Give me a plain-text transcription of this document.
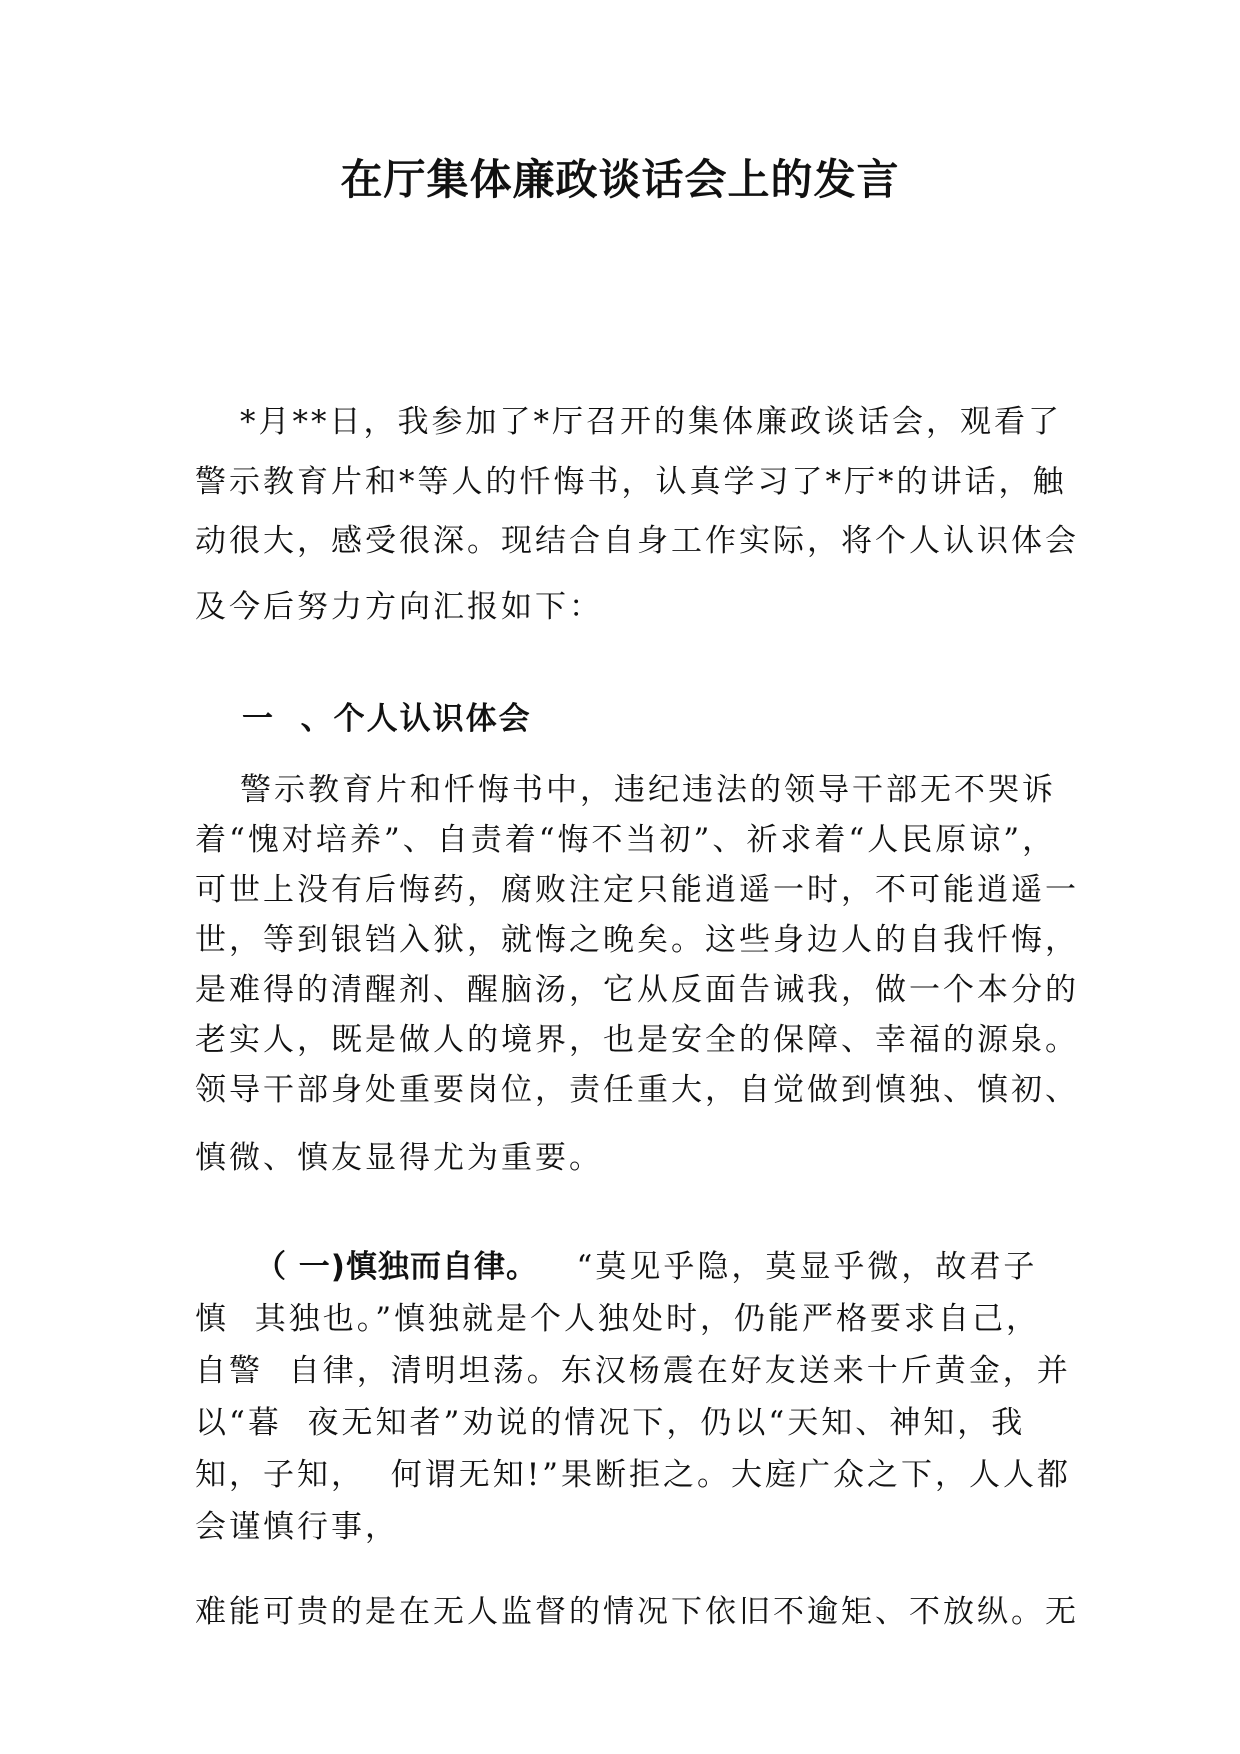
在厅集体廉政谈话会上的发言

*月**日，我参加了*厅召开的集体廉政谈话会，观看了

警示教育片和*等人的忏悔书，认真学习了*厅*的讲话，触

动很大，感受很深。现结合自身工作实际，将个人认识体会

及今后努力方向汇报如下：

一  、个人认识体会

警示教育片和忏悔书中，违纪违法的领导干部无不哭诉

着“愧对培养”、自责着“悔不当初”、祈求着“人民原谅”，

可世上没有后悔药，腐败注定只能逍遥一时，不可能逍遥一

世，等到银铛入狱，就悔之晚矣。这些身边人的自我忏悔，

是难得的清醒剂、醒脑汤，它从反面告诫我，做一个本分的

老实人，既是做人的境界，也是安全的保障、幸福的源泉。

领导干部身处重要岗位，责任重大，自觉做到慎独、慎初、

慎微、慎友显得尤为重要。

（ 一)慎独而自律。   “莫见乎隐，莫显乎微，故君子

慎  其独也。”慎独就是个人独处时，仍能严格要求自己，

自警  自律，清明坦荡。东汉杨震在好友送来十斤黄金，并

以“暮  夜无知者”劝说的情况下，仍以“天知、神知，我

知，子知，  何谓无知!”果断拒之。大庭广众之下，人人都

会谨慎行事，

难能可贵的是在无人监督的情况下依旧不逾矩、不放纵。无
